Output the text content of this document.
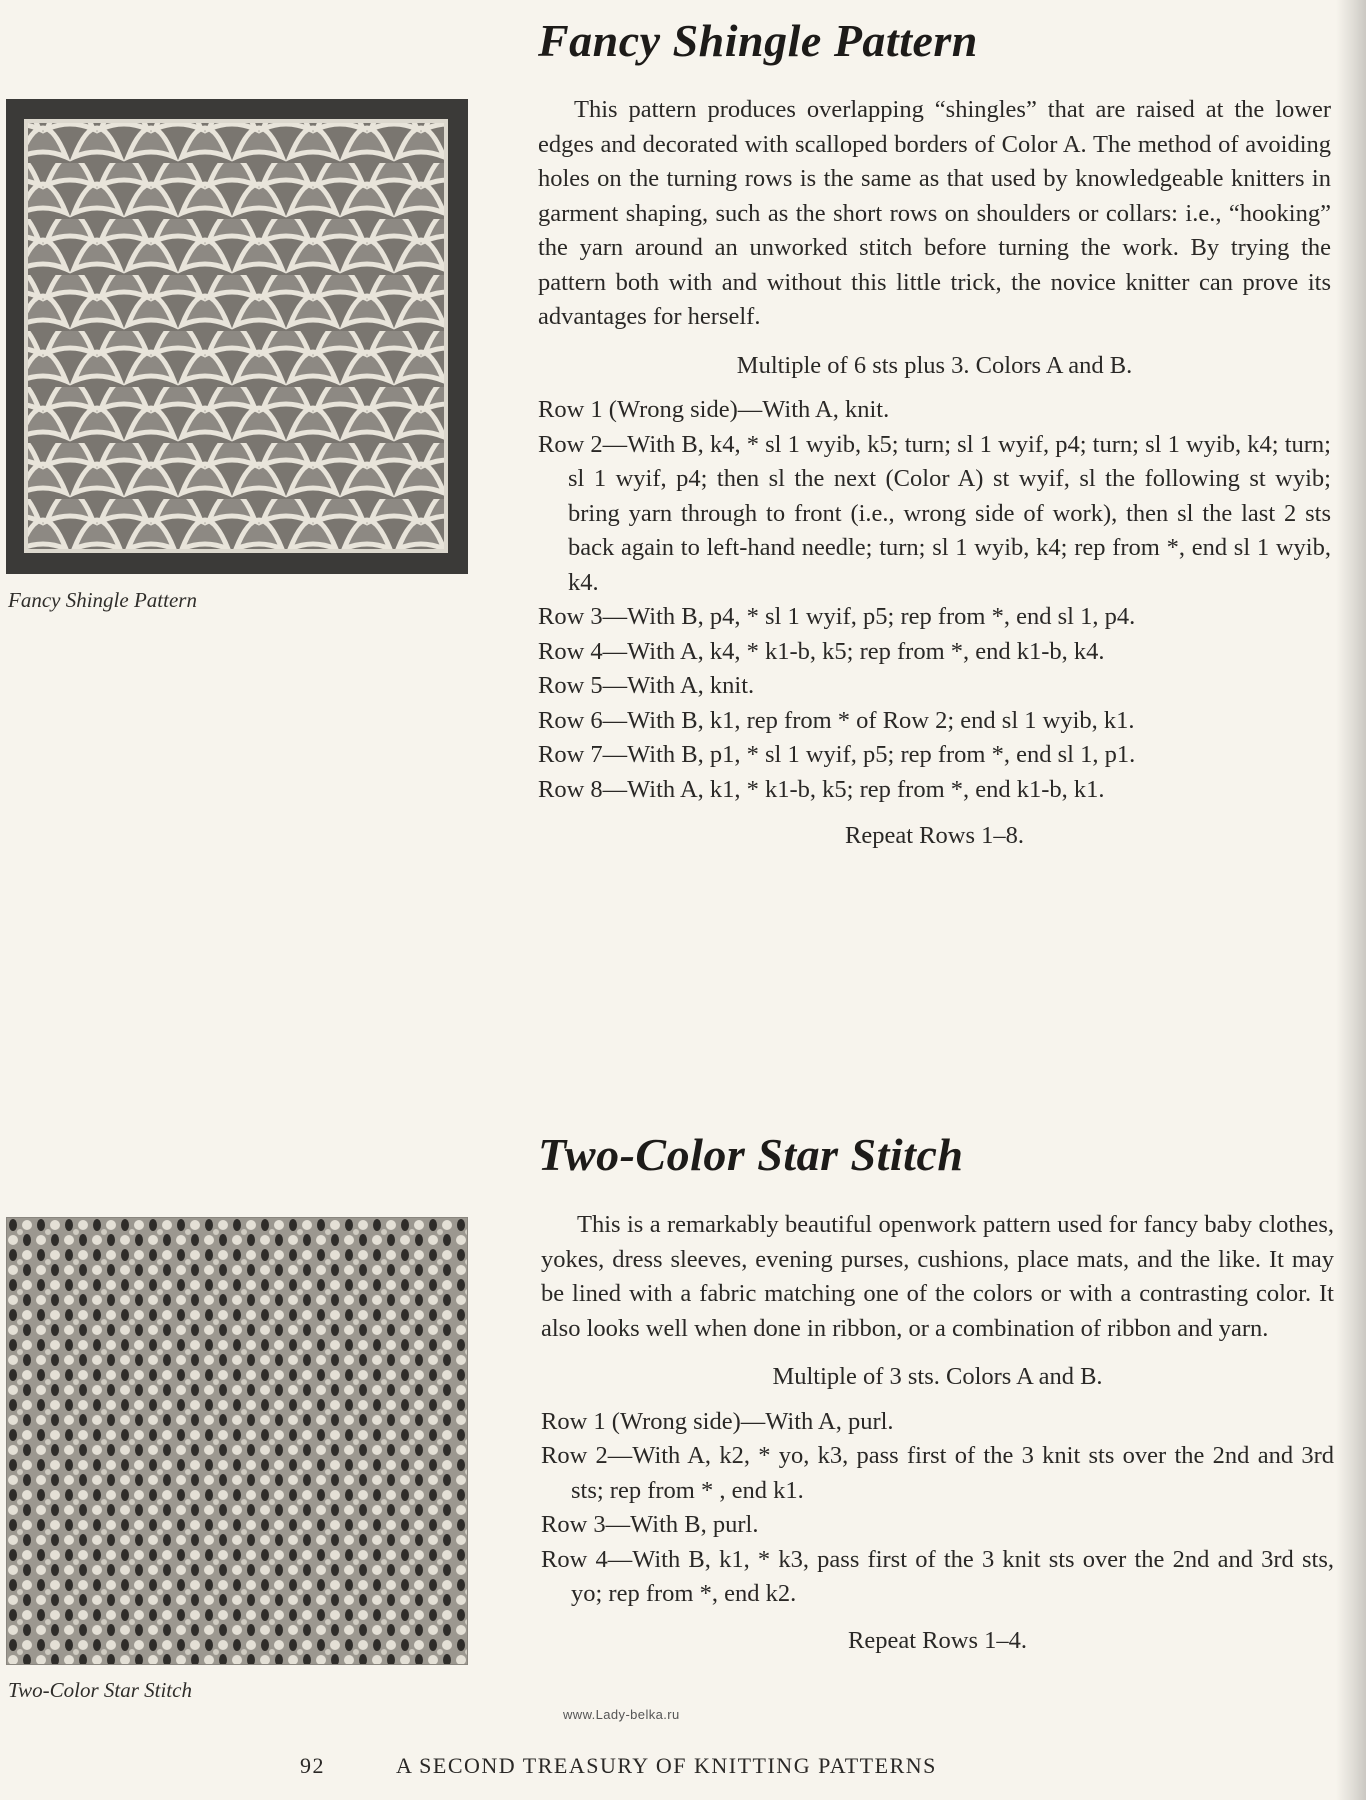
Fancy Shingle Pattern
Fancy Shingle Pattern

This pattern produces overlapping “shingles” that are raised at the lower edges and decorated with scalloped borders of Color A. The method of avoiding holes on the turning rows is the same as that used by knowledgeable knitters in garment shaping, such as the short rows on shoulders or collars: i.e., “hooking” the yarn around an unworked stitch before turning the work. By trying the pattern both with and without this little trick, the novice knitter can prove its advantages for herself.

Multiple of 6 sts plus 3. Colors A and B.

Row 1 (Wrong side)—With A, knit.
Row 2—With B, k4, * sl 1 wyib, k5; turn; sl 1 wyif, p4; turn; sl 1 wyib, k4; turn; sl 1 wyif, p4; then sl the next (Color A) st wyif, sl the following st wyib; bring yarn through to front (i.e., wrong side of work), then sl the last 2 sts back again to left-hand needle; turn; sl 1 wyib, k4; rep from *, end sl 1 wyib, k4.
Row 3—With B, p4, * sl 1 wyif, p5; rep from *, end sl 1, p4.
Row 4—With A, k4, * k1-b, k5; rep from *, end k1-b, k4.
Row 5—With A, knit.
Row 6—With B, k1, rep from * of Row 2; end sl 1 wyib, k1.
Row 7—With B, p1, * sl 1 wyif, p5; rep from *, end sl 1, p1.
Row 8—With A, k1, * k1-b, k5; rep from *, end k1-b, k1.

Repeat Rows 1–8.

Two-Color Star Stitch
Two-Color Star Stitch

This is a remarkably beautiful openwork pattern used for fancy baby clothes, yokes, dress sleeves, evening purses, cushions, place mats, and the like. It may be lined with a fabric matching one of the colors or with a contrasting color. It also looks well when done in ribbon, or a combination of ribbon and yarn.

Multiple of 3 sts. Colors A and B.

Row 1 (Wrong side)—With A, purl.
Row 2—With A, k2, * yo, k3, pass first of the 3 knit sts over the 2nd and 3rd sts; rep from * , end k1.
Row 3—With B, purl.
Row 4—With B, k1, * k3, pass first of the 3 knit sts over the 2nd and 3rd sts, yo; rep from *, end k2.

Repeat Rows 1–4.

www.Lady-belka.ru
92	A SECOND TREASURY OF KNITTING PATTERNS
